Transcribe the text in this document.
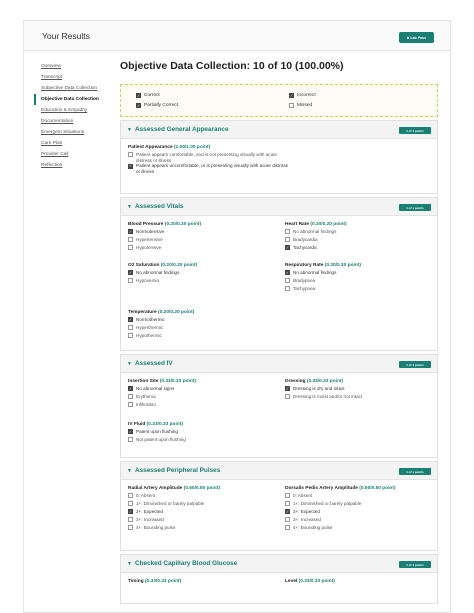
Your Results	■ Lab Pass
Overview
Transcript
Subjective Data Collection
Objective Data Collection
Education & Empathy
Documentation
Emergent Situations
Care Plan
Provider Call
Reflection
Objective Data Collection: 10 of 10 (100.00%)
✓ Correct
✓ Partially Correct
✓ Incorrect
Missed
▼ Assessed General Appearance	1 of 1 points
Patient Appearance (1.00/1.00 point)
Patient appears comfortable, and is not presenting visually with acute distress or illness
✓ Patient appears uncomfortable, or is presenting visually with acute distress or illness
▼ Assessed Vitals	1 of 1 points
Blood Pressure (0.20/0.20 point)
✓ Normotensive
Hypertensive
Hypotensive
Heart Rate (0.20/0.20 point)
No abnormal findings
Bradycardia
✓ Tachycardic
O2 Saturation (0.20/0.20 point)
✓ No abnormal findings
Hypoxemia
Respiratory Rate (0.20/0.20 point)
✓ No abnormal findings
Bradypnea
Tachypnea
Temperature (0.20/0.20 point)
✓ Normothermic
Hyperthermic
Hypothermic
▼ Assessed IV	1 of 1 points
Insertion Site (0.33/0.33 point)
✓ No abnormal signs
Erythema
Infiltration
Dressing (0.33/0.33 point)
✓ Dressing is dry and intact
Dressing is moist and/or not intact
IV Fluid (0.33/0.33 point)
✓ Patent upon flushing
Not patent upon flushing
▼ Assessed Peripheral Pulses	1 of 1 points
Radial Artery Amplitude (0.50/0.50 point)
0: Absent
1+: Diminished or barely palpable
✓ 2+: Expected
3+: Increased
4+: Bounding pulse
Dorsalis Pedis Artery Amplitude (0.50/0.50 point)
0: Absent
1+: Diminished or barely palpable
✓ 2+: Expected
3+: Increased
4+: Bounding pulse
▼ Checked Capillary Blood Glucose	1 of 1 points
Timing (0.33/0.33 point)	Level (0.33/0.33 point)
